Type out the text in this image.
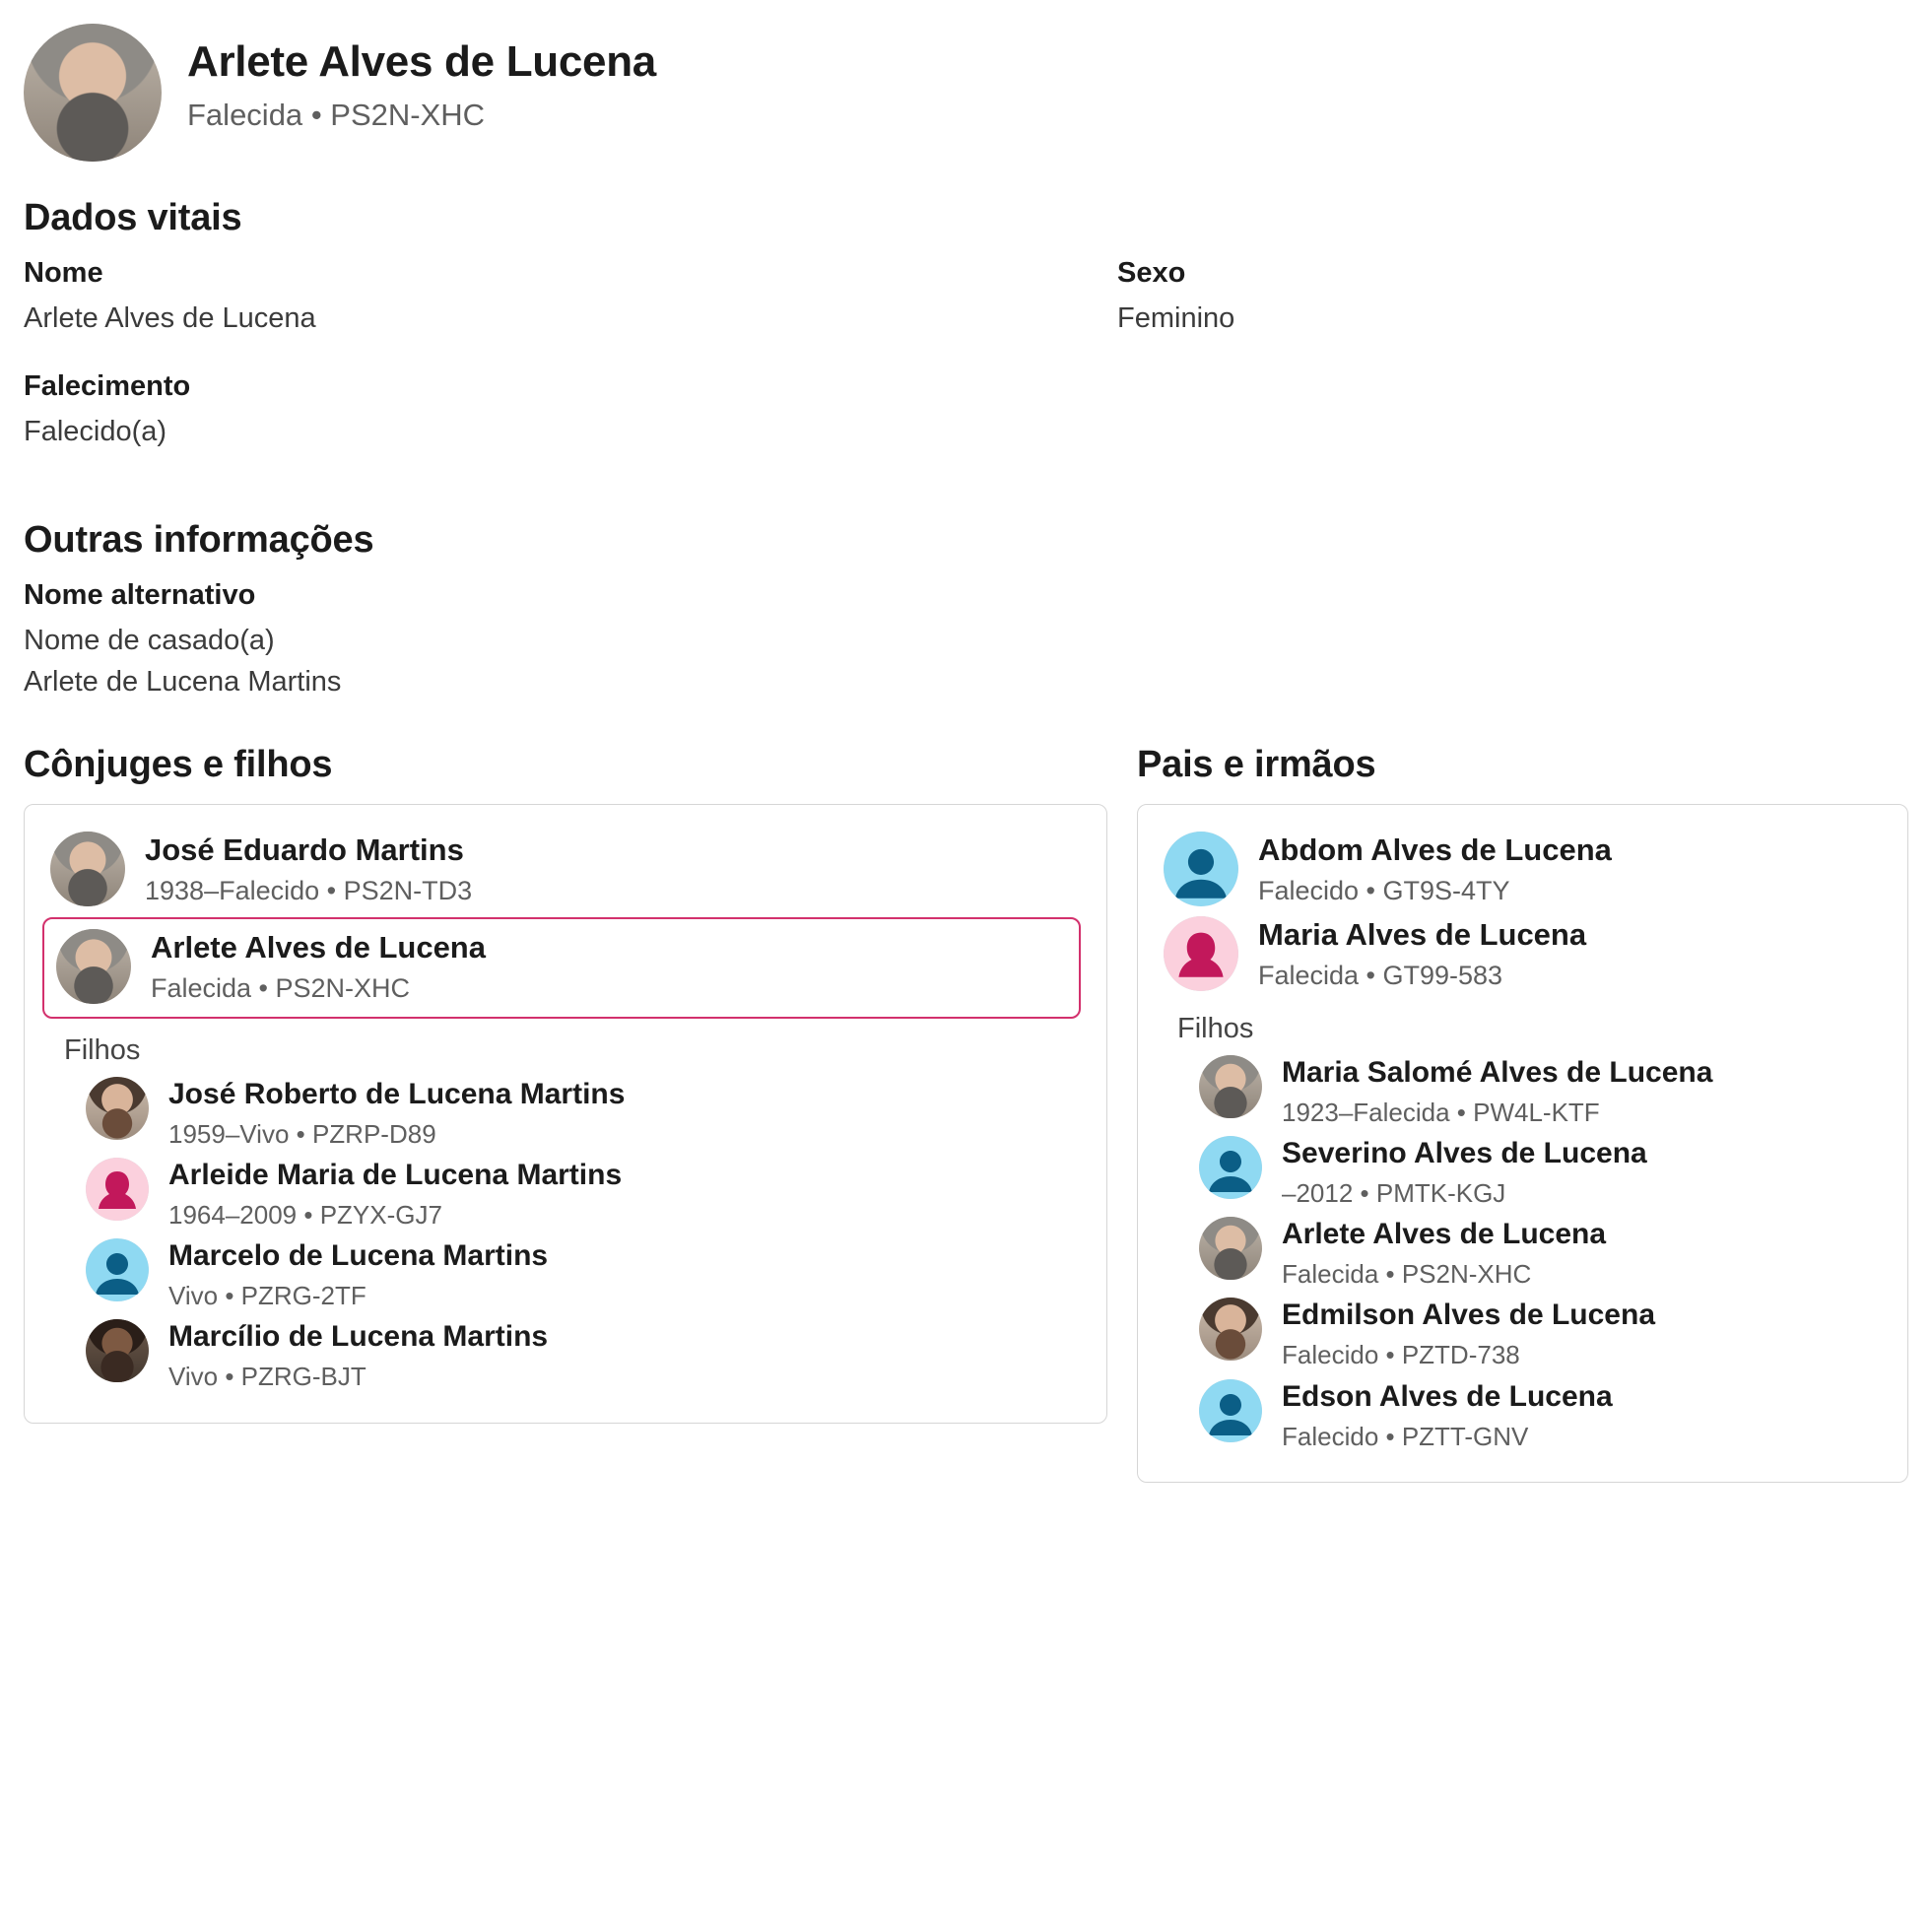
Arlete Alves de Lucena
Falecida • PS2N-XHC
Dados vitais
Nome
Arlete Alves de Lucena
Sexo
Feminino
Falecimento
Falecido(a)
Outras informações
Nome alternativo
Nome de casado(a)
Arlete de Lucena Martins
Cônjuges e filhos
José Eduardo Martins
1938–Falecido • PS2N-TD3
Arlete Alves de Lucena
Falecida • PS2N-XHC
Filhos
José Roberto de Lucena Martins
1959–Vivo • PZRP-D89
Arleide Maria de Lucena Martins
1964–2009 • PZYX-GJ7
Marcelo de Lucena Martins
Vivo • PZRG-2TF
Marcílio de Lucena Martins
Vivo • PZRG-BJT
Pais e irmãos
Abdom Alves de Lucena
Falecido • GT9S-4TY
Maria Alves de Lucena
Falecida • GT99-583
Filhos
Maria Salomé Alves de Lucena
1923–Falecida • PW4L-KTF
Severino Alves de Lucena
–2012 • PMTK-KGJ
Arlete Alves de Lucena
Falecida • PS2N-XHC
Edmilson Alves de Lucena
Falecido • PZTD-738
Edson Alves de Lucena
Falecido • PZTT-GNV
